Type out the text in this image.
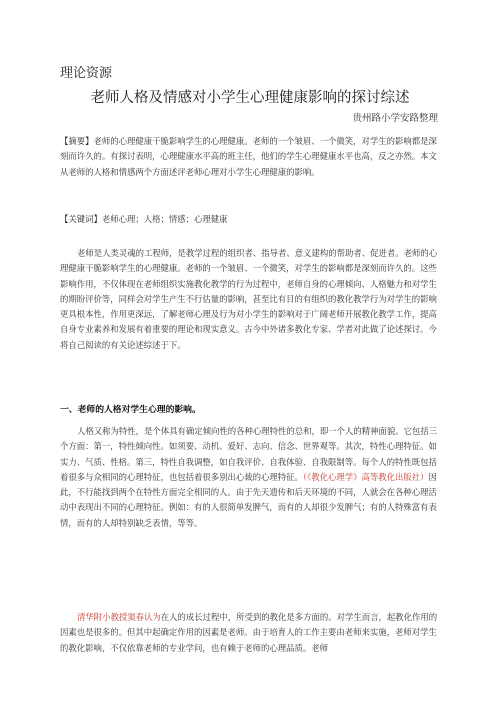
理论资源
老师人格及情感对小学生心理健康影响的探讨综述
贵州路小学安路整理

【摘要】老师的心理健康干脆影响学生的心理健康。老师的一个皱眉、一个微笑，对学生的影响都是深刻而许久的。有探讨表明，心理健康水平高的班主任，他们的学生心理健康水平也高，反之亦然。本文从老师的人格和情感两个方面述评老师心理对小学生心理健康的影响。

【关键词】老师心理；人格；情感；心理健康

老师是人类灵魂的工程师，是教学过程的组织者、指导者、意义建构的帮助者、促进者。老师的心理健康干脆影响学生的心理健康。老师的一个皱眉、一个微笑，对学生的影响都是深刻而许久的。这些影响作用，不仅体现在老师组织实施教化教学的行为过程中，老师自身的心理倾向、人格魅力和对学生的期盼评价等，同样会对学生产生不行估量的影响，甚至比有目的有组织的教化教学行为对学生的影响更具根本性，作用更深远，了解老师心理及行为对小学生的影响对于广阔老师开展教化教学工作，提高自身专业素养和发展有着重要的理论和现实意义。古今中外诸多教化专家、学者对此做了论述探讨。今将自己阅读的有关论述综述于下。

一、老师的人格对学生心理的影响。

人格又称为特性，是个体具有确定倾向性的各种心理特性的总和，即一个人的精神面貌。它包括三个方面：第一，特性倾向性。如须要、动机、爱好、志向、信念、世界观等。其次，特性心理特征。如实力、气质、性格。第三，特性自我调整，如自我评价、自我体验、自我限制等。每个人的特性既包括着很多与众相同的心理特征，也包括着很多别出心裁的心理特征。（《教化心理学》高等教化出版社）因此，不行能找到两个在特性方面完全相同的人。由于先天遗传和后天环境的不同，人就会在各种心理活动中表现出不同的心理特征。例如：有的人很简单发脾气，而有的人却很少发脾气；有的人特殊富有表情，而有的人却特别缺乏表情，等等。

清华附小教授窦春认为在人的成长过程中，所受到的教化是多方面的。对学生而言，起教化作用的因素也是很多的。但其中起确定作用的因素是老师。由于培育人的工作主要由老师来实施，老师对学生的教化影响，不仅依靠老师的专业学问，也有赖于老师的心理品质。老师
